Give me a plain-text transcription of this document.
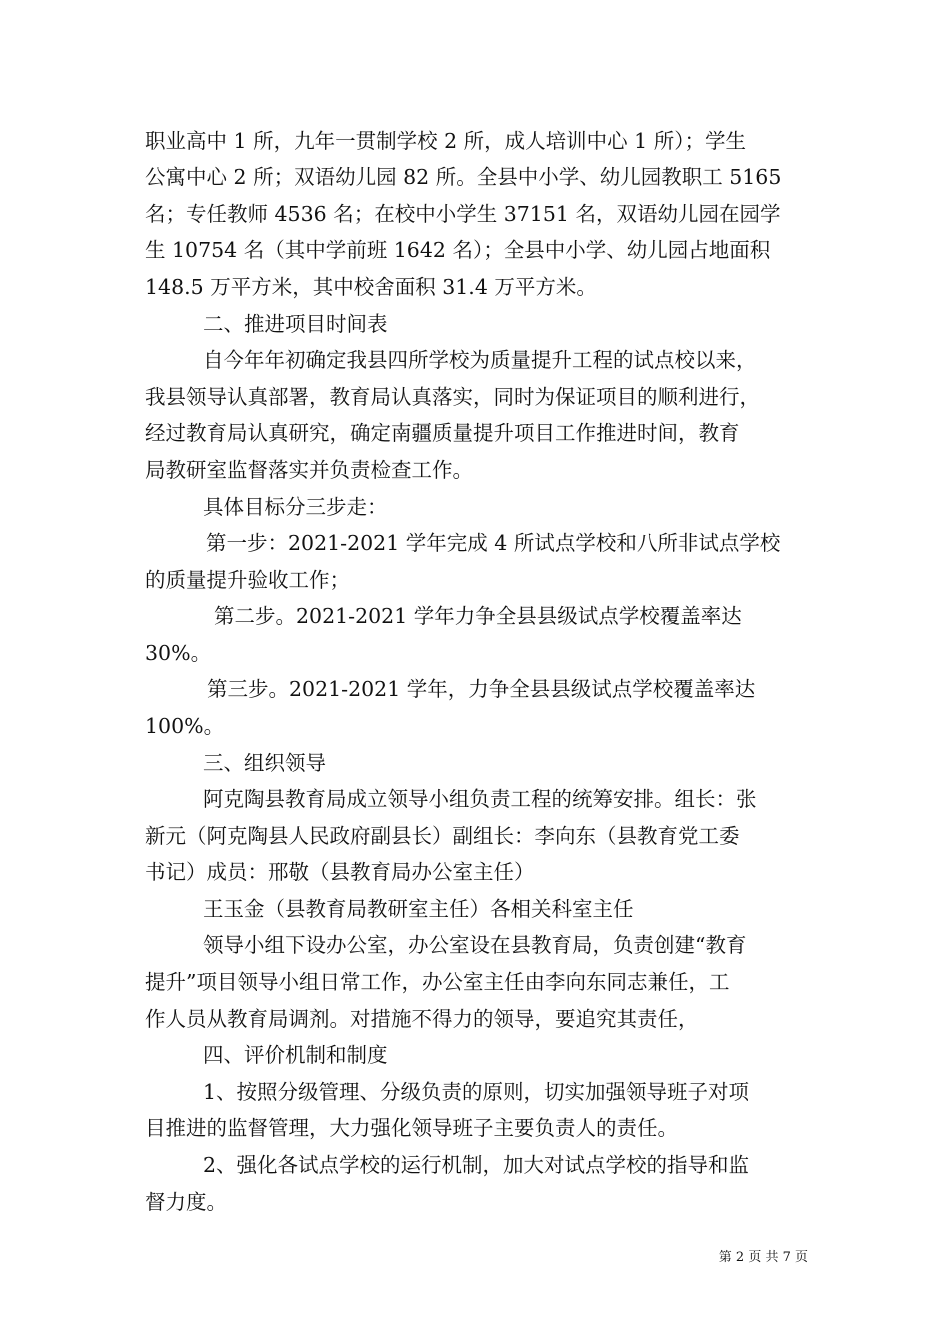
职业高中 1 所，九年一贯制学校 2 所，成人培训中心 1 所）；学生
公寓中心 2 所；双语幼儿园 82 所。全县中小学、幼儿园教职工 5165
名；专任教师 4536 名；在校中小学生 37151 名，双语幼儿园在园学
生 10754 名（其中学前班 1642 名）；全县中小学、幼儿园占地面积
148.5 万平方米，其中校舍面积 31.4 万平方米。
二、推进项目时间表
自今年年初确定我县四所学校为质量提升工程的试点校以来，
我县领导认真部署，教育局认真落实，同时为保证项目的顺利进行，
经过教育局认真研究，确定南疆质量提升项目工作推进时间，教育
局教研室监督落实并负责检查工作。
具体目标分三步走：
第一步：2021-2021 学年完成 4 所试点学校和八所非试点学校
的质量提升验收工作；
第二步。2021-2021 学年力争全县县级试点学校覆盖率达
30%。
第三步。2021-2021 学年，力争全县县级试点学校覆盖率达
100%。
三、组织领导
阿克陶县教育局成立领导小组负责工程的统筹安排。组长：张
新元（阿克陶县人民政府副县长）副组长：李向东（县教育党工委
书记）成员：邢敬（县教育局办公室主任）
王玉金（县教育局教研室主任）各相关科室主任
领导小组下设办公室，办公室设在县教育局，负责创建“教育
提升”项目领导小组日常工作，办公室主任由李向东同志兼任，工
作人员从教育局调剂。对措施不得力的领导，要追究其责任，
四、评价机制和制度
1、按照分级管理、分级负责的原则，切实加强领导班子对项
目推进的监督管理，大力强化领导班子主要负责人的责任。
2、强化各试点学校的运行机制，加大对试点学校的指导和监
督力度。
第 2 页 共 7 页
